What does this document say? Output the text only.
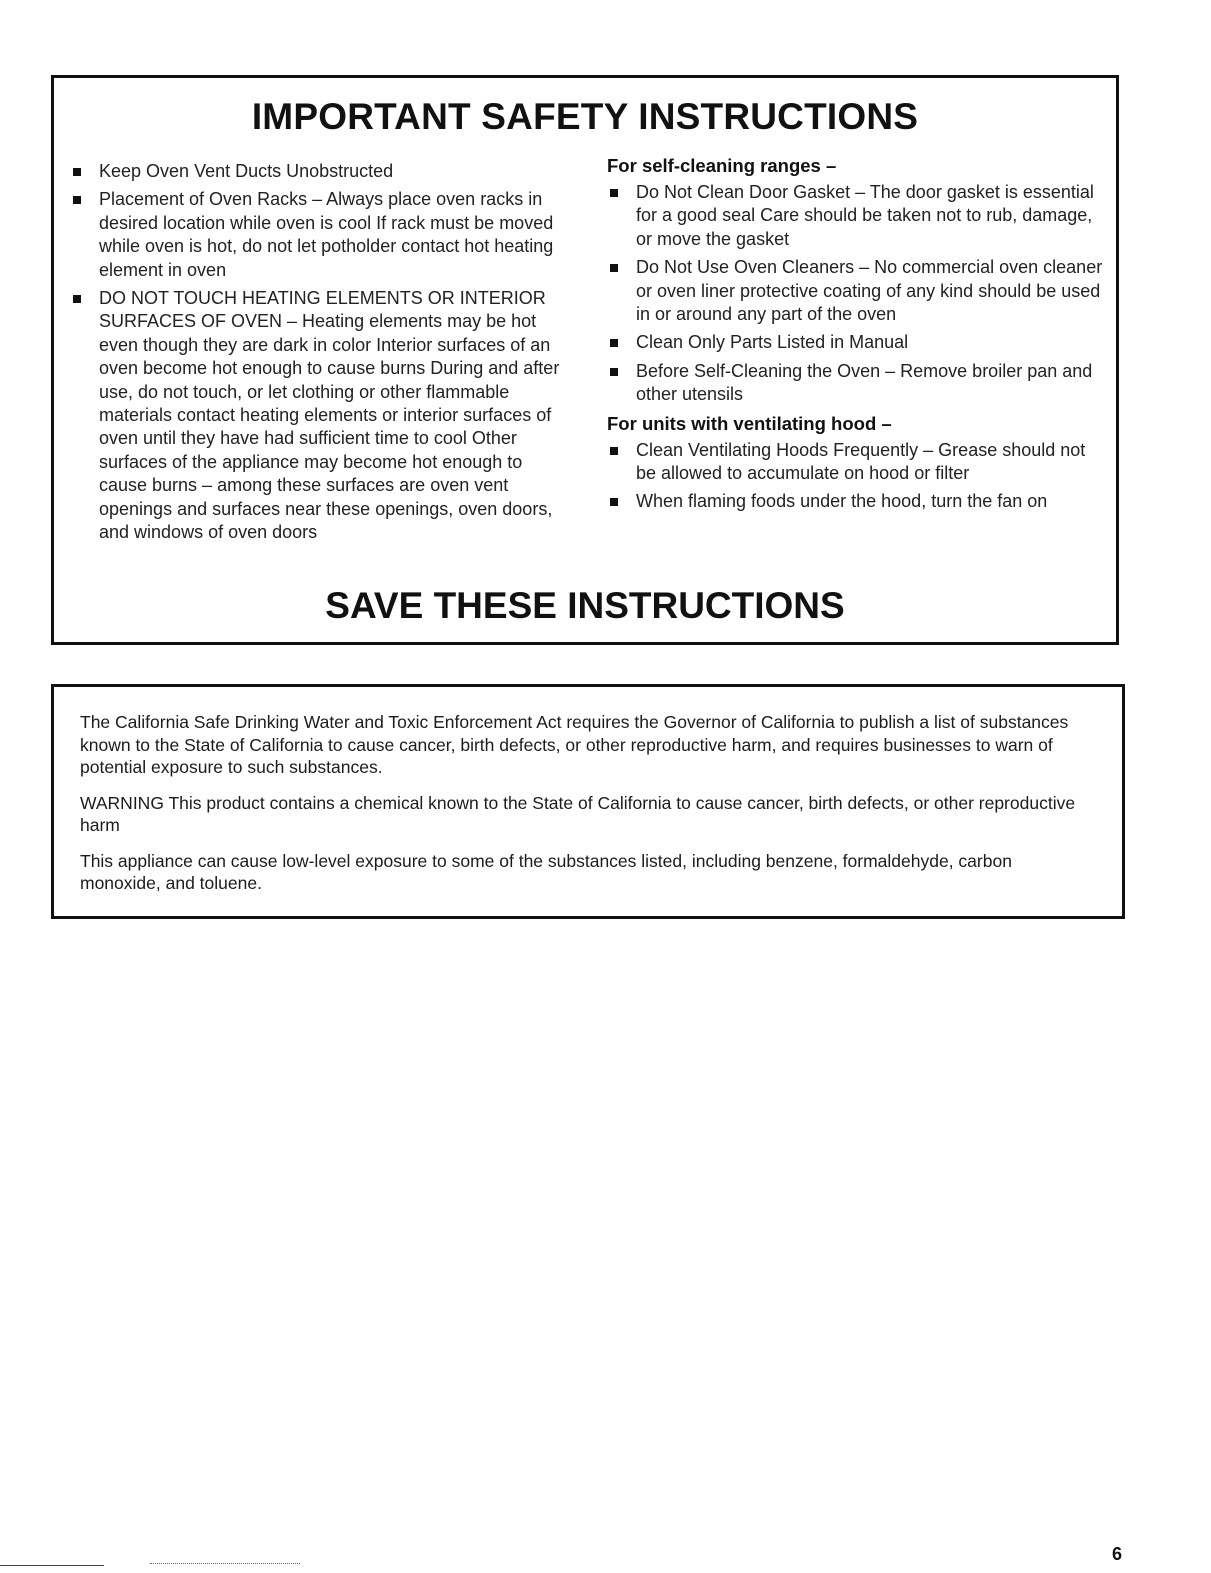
IMPORTANT SAFETY INSTRUCTIONS
Keep Oven Vent Ducts Unobstructed
Placement of Oven Racks – Always place oven racks in desired location while oven is cool If rack must be moved while oven is hot, do not let potholder contact hot heating element in oven
DO NOT TOUCH HEATING ELEMENTS OR INTERIOR SURFACES OF OVEN – Heating elements may be hot even though they are dark in color Interior surfaces of an oven become hot enough to cause burns During and after use, do not touch, or let clothing or other flammable materials contact heating elements or interior surfaces of oven until they have had sufficient time to cool Other surfaces of the appliance may become hot enough to cause burns – among these surfaces are oven vent openings and surfaces near these openings, oven doors, and windows of oven doors
For self-cleaning ranges –
Do Not Clean Door Gasket – The door gasket is essential for a good seal Care should be taken not to rub, damage, or move the gasket
Do Not Use Oven Cleaners – No commercial oven cleaner or oven liner protective coating of any kind should be used in or around any part of the oven
Clean Only Parts Listed in Manual
Before Self-Cleaning the Oven – Remove broiler pan and other utensils
For units with ventilating hood –
Clean Ventilating Hoods Frequently – Grease should not be allowed to accumulate on hood or filter
When flaming foods under the hood, turn the fan on
SAVE THESE INSTRUCTIONS

The California Safe Drinking Water and Toxic Enforcement Act requires the Governor of California to publish a list of substances known to the State of California to cause cancer, birth defects, or other reproductive harm, and requires businesses to warn of potential exposure to such substances.

WARNING This product contains a chemical known to the State of California to cause cancer, birth defects, or other reproductive harm

This appliance can cause low-level exposure to some of the substances listed, including benzene, formaldehyde, carbon monoxide, and toluene.

6
